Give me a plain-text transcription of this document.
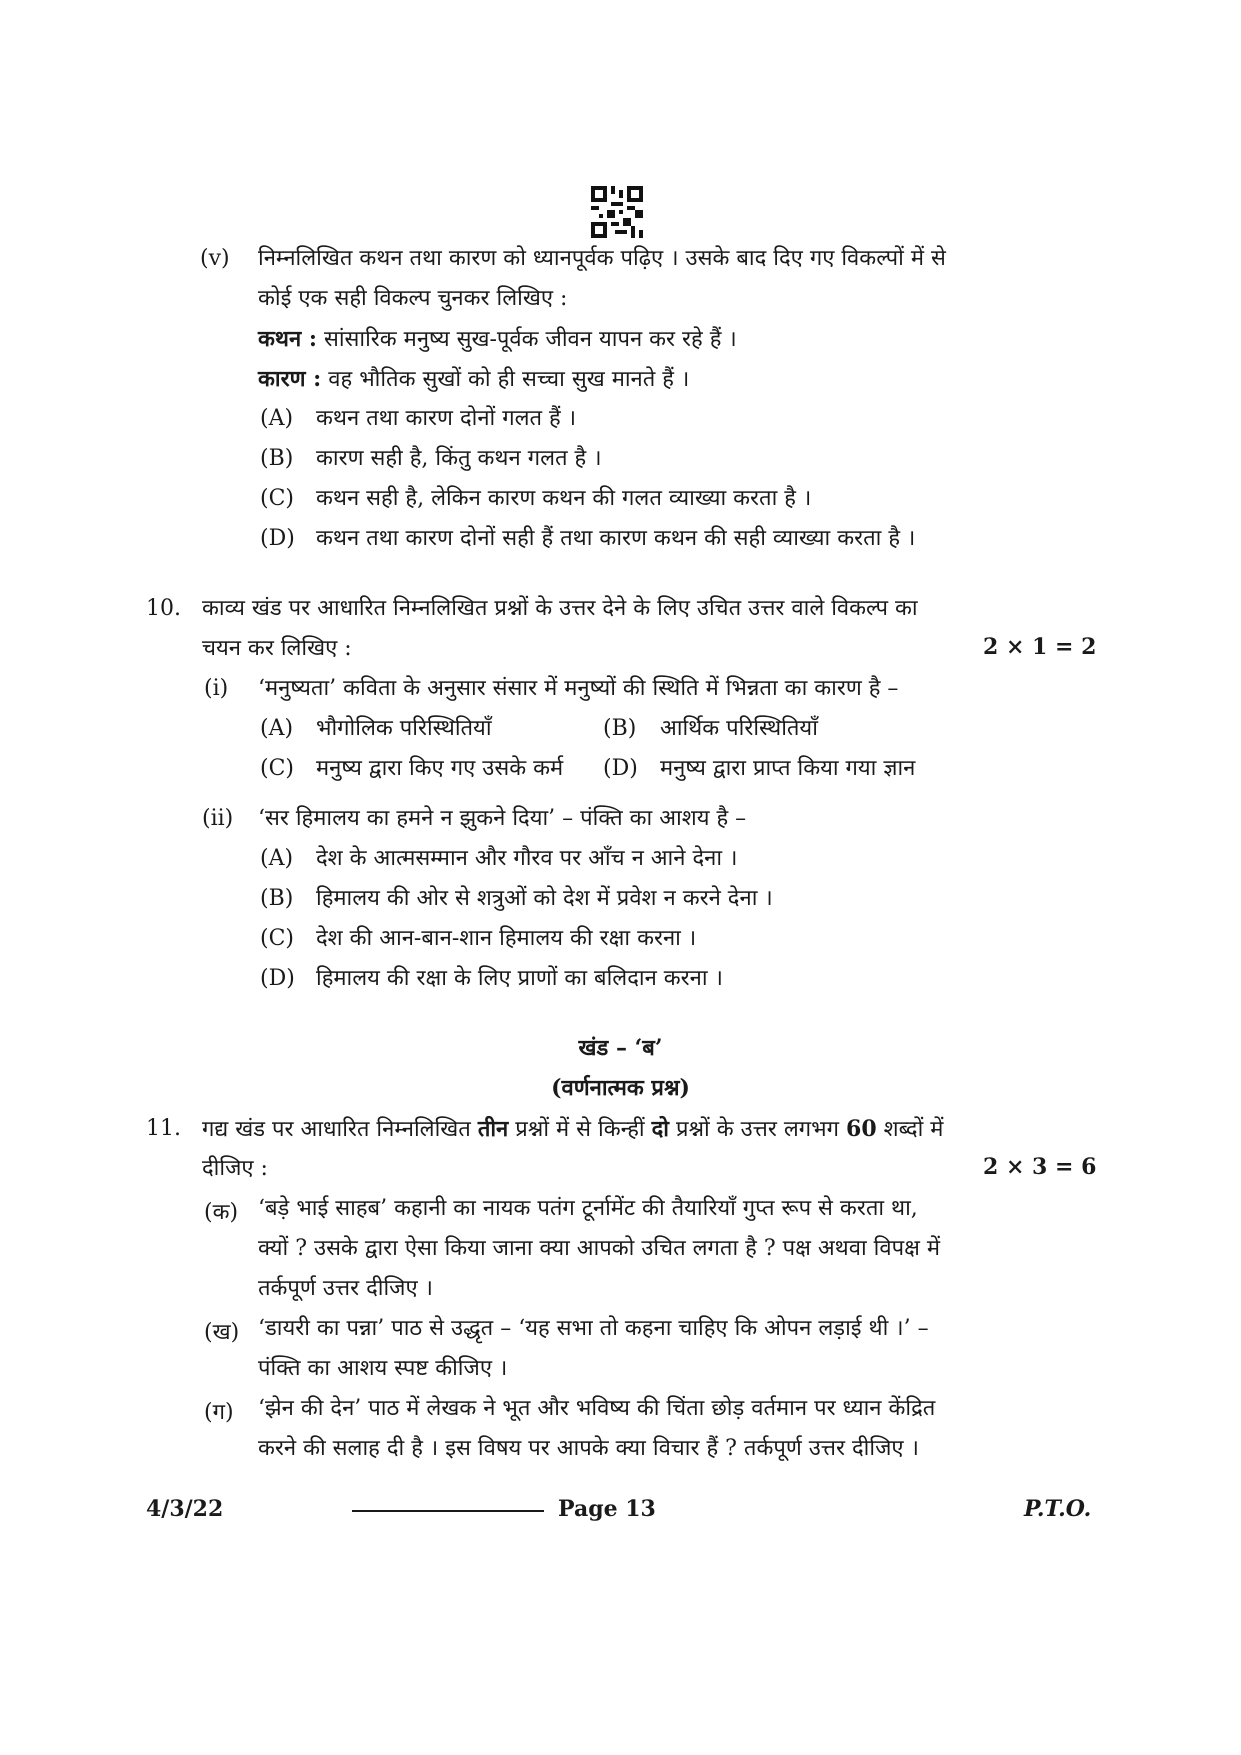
(v) निम्नलिखित कथन तथा कारण को ध्यानपूर्वक पढ़िए । उसके बाद दिए गए विकल्पों में से
कोई एक सही विकल्प चुनकर लिखिए :
कथन : सांसारिक मनुष्य सुख-पूर्वक जीवन यापन कर रहे हैं ।
कारण : वह भौतिक सुखों को ही सच्चा सुख मानते हैं ।
(A) कथन तथा कारण दोनों गलत हैं ।
(B) कारण सही है, किंतु कथन गलत है ।
(C) कथन सही है, लेकिन कारण कथन की गलत व्याख्या करता है ।
(D) कथन तथा कारण दोनों सही हैं तथा कारण कथन की सही व्याख्या करता है ।
10. काव्य खंड पर आधारित निम्नलिखित प्रश्नों के उत्तर देने के लिए उचित उत्तर वाले विकल्प का
चयन कर लिखिए :	2 × 1 = 2
(i) ‘मनुष्यता’ कविता के अनुसार संसार में मनुष्यों की स्थिति में भिन्नता का कारण है –
(A) भौगोलिक परिस्थितियाँ	(B) आर्थिक परिस्थितियाँ
(C) मनुष्य द्वारा किए गए उसके कर्म (D) मनुष्य द्वारा प्राप्त किया गया ज्ञान
(ii) ‘सर हिमालय का हमने न झुकने दिया’ – पंक्ति का आशय है –
(A) देश के आत्मसम्मान और गौरव पर आँच न आने देना ।
(B) हिमालय की ओर से शत्रुओं को देश में प्रवेश न करने देना ।
(C) देश की आन-बान-शान हिमालय की रक्षा करना ।
(D) हिमालय की रक्षा के लिए प्राणों का बलिदान करना ।
खंड – ‘ब’
(वर्णनात्मक प्रश्न)
11. गद्य खंड पर आधारित निम्नलिखित तीन प्रश्नों में से किन्हीं दो प्रश्नों के उत्तर लगभग 60 शब्दों में
दीजिए :	2 × 3 = 6
(क) ‘बड़े भाई साहब’ कहानी का नायक पतंग टूर्नामेंट की तैयारियाँ गुप्त रूप से करता था,
क्यों ? उसके द्वारा ऐसा किया जाना क्या आपको उचित लगता है ? पक्ष अथवा विपक्ष में
तर्कपूर्ण उत्तर दीजिए ।
(ख) ‘डायरी का पन्ना’ पाठ से उद्धृत – ‘यह सभा तो कहना चाहिए कि ओपन लड़ाई थी ।’ –
पंक्ति का आशय स्पष्ट कीजिए ।
(ग) ‘झेन की देन’ पाठ में लेखक ने भूत और भविष्य की चिंता छोड़ वर्तमान पर ध्यान केंद्रित
करने की सलाह दी है । इस विषय पर आपके क्या विचार हैं ? तर्कपूर्ण उत्तर दीजिए ।
4/3/22	Page 13	P.T.O.
